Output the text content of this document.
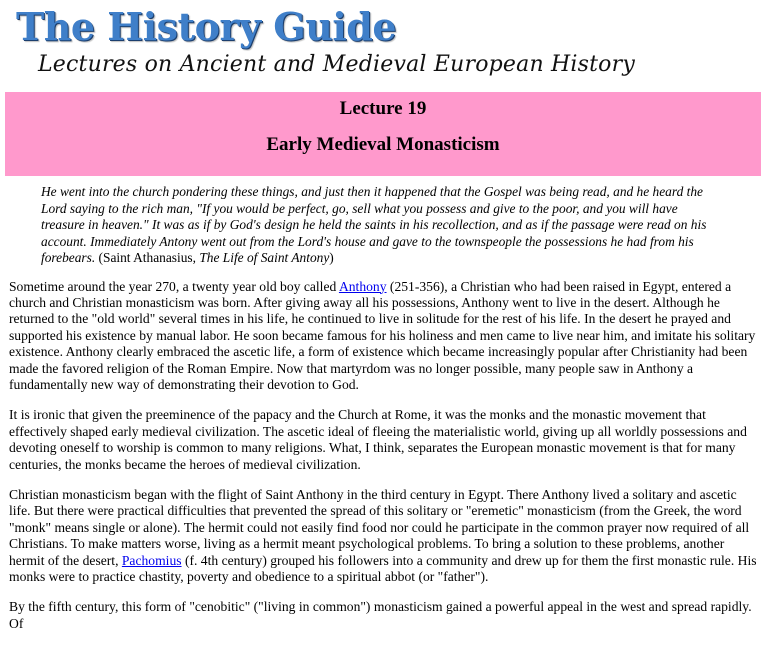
The History Guide
Lectures on Ancient and Medieval European History
Lecture 19
Early Medieval Monasticism
He went into the church pondering these things, and just then it happened that the Gospel was being read, and he heard the Lord saying to the rich man, "If you would be perfect, go, sell what you possess and give to the poor, and you will have treasure in heaven." It was as if by God's design he held the saints in his recollection, and as if the passage were read on his account. Immediately Antony went out from the Lord's house and gave to the townspeople the possessions he had from his forebears. (Saint Athanasius, The Life of Saint Antony)

Sometime around the year 270, a twenty year old boy called Anthony (251-356), a Christian who had been raised in Egypt, entered a church and Christian monasticism was born. After giving away all his possessions, Anthony went to live in the desert. Although he returned to the "old world" several times in his life, he continued to live in solitude for the rest of his life. In the desert he prayed and supported his existence by manual labor. He soon became famous for his holiness and men came to live near him, and imitate his solitary existence. Anthony clearly embraced the ascetic life, a form of existence which became increasingly popular after Christianity had been made the favored religion of the Roman Empire. Now that martyrdom was no longer possible, many people saw in Anthony a fundamentally new way of demonstrating their devotion to God.

It is ironic that given the preeminence of the papacy and the Church at Rome, it was the monks and the monastic movement that effectively shaped early medieval civilization. The ascetic ideal of fleeing the materialistic world, giving up all worldly possessions and devoting oneself to worship is common to many religions. What, I think, separates the European monastic movement is that for many centuries, the monks became the heroes of medieval civilization.

Christian monasticism began with the flight of Saint Anthony in the third century in Egypt. There Anthony lived a solitary and ascetic life. But there were practical difficulties that prevented the spread of this solitary or "eremetic" monasticism (from the Greek, the word "monk" means single or alone). The hermit could not easily find food nor could he participate in the common prayer now required of all Christians. To make matters worse, living as a hermit meant psychological problems. To bring a solution to these problems, another hermit of the desert, Pachomius (f. 4th century) grouped his followers into a community and drew up for them the first monastic rule. His monks were to practice chastity, poverty and obedience to a spiritual abbot (or "father").

By the fifth century, this form of "cenobitic" ("living in common") monasticism gained a powerful appeal in the west and spread rapidly. Of
